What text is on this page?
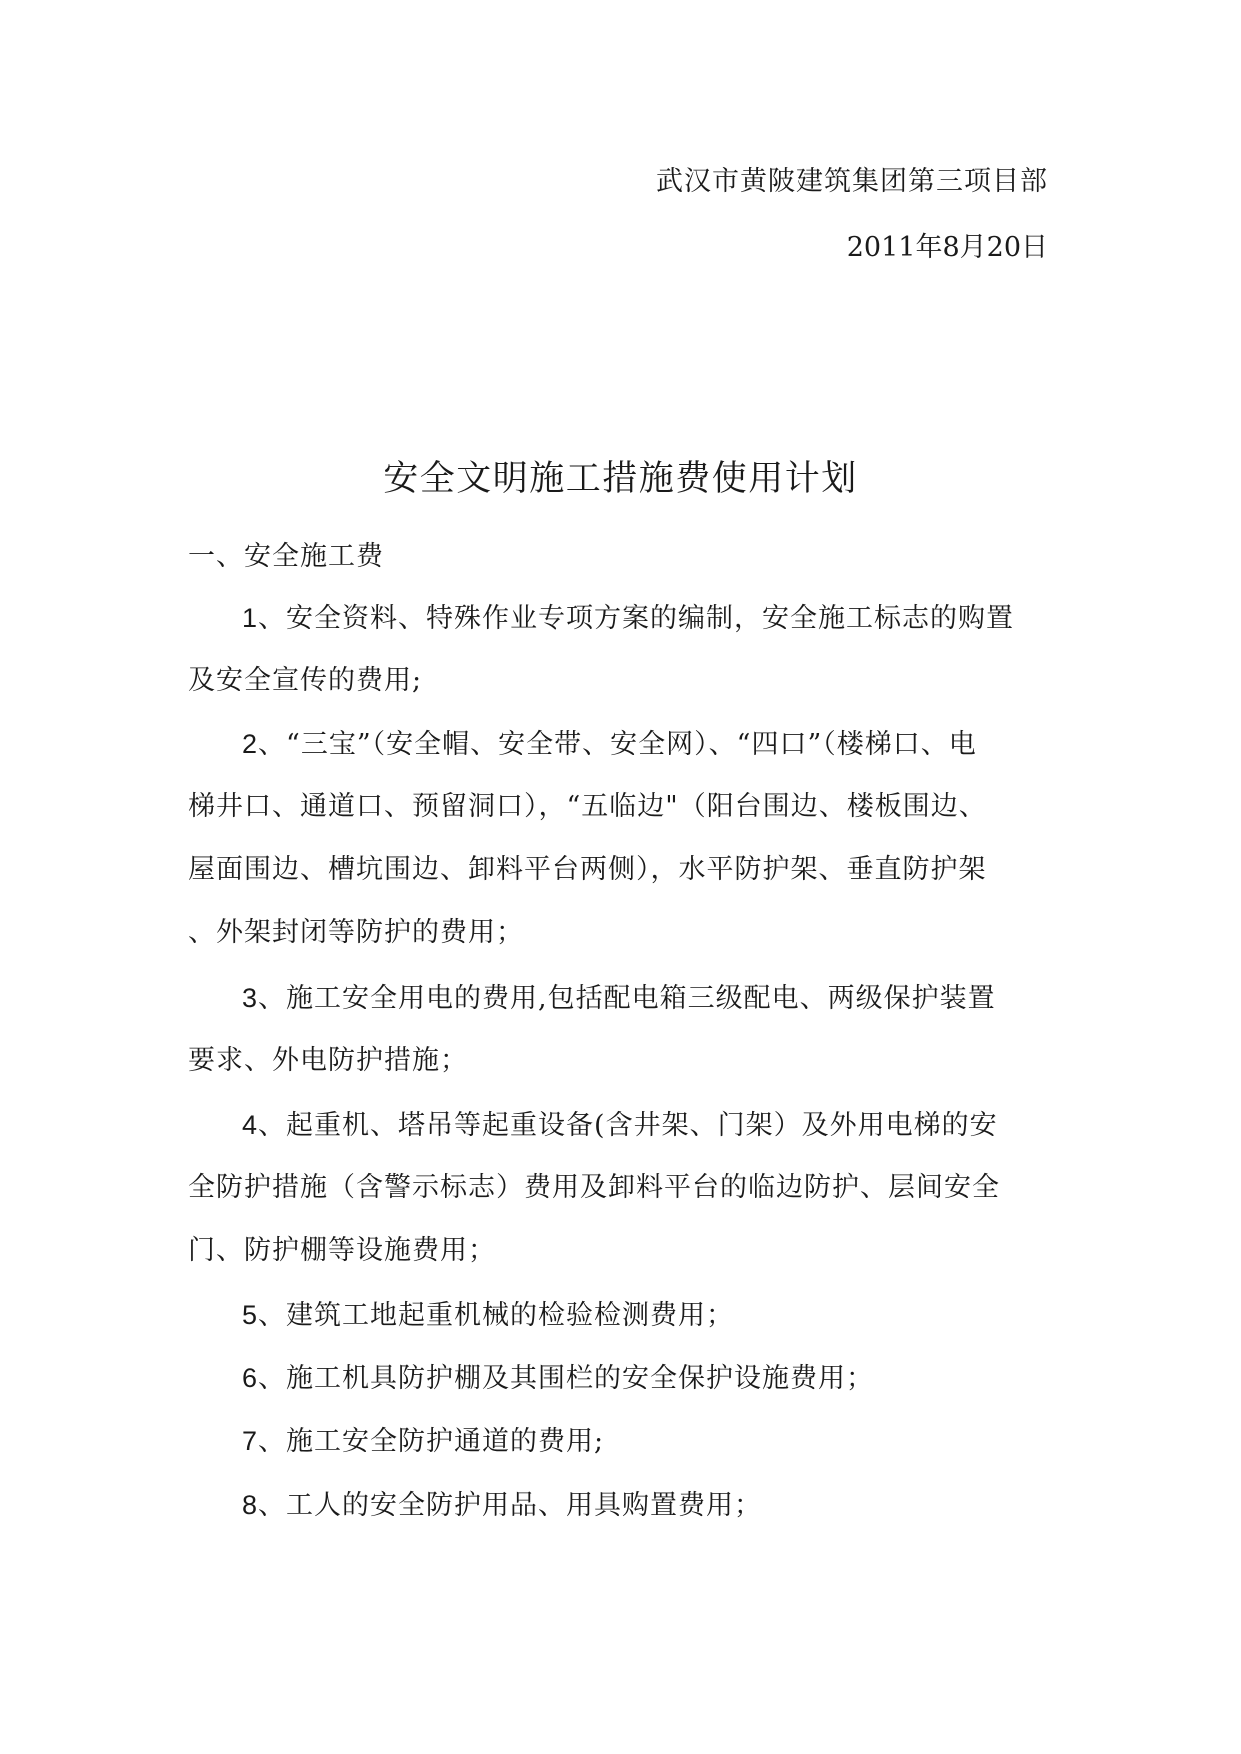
武汉市黄陂建筑集团第三项目部
2011年8月20日
安全文明施工措施费使用计划
一、安全施工费
1、安全资料、特殊作业专项方案的编制，安全施工标志的购置
及安全宣传的费用;
2、“三宝”（安全帽、安全带、安全网）、“四口”（楼梯口、电
梯井口、通道口、预留洞口），“五临边"（阳台围边、楼板围边、
屋面围边、槽坑围边、卸料平台两侧），水平防护架、垂直防护架
、外架封闭等防护的费用；
3、施工安全用电的费用,包括配电箱三级配电、两级保护装置
要求、外电防护措施；
4、起重机、塔吊等起重设备(含井架、门架）及外用电梯的安
全防护措施（含警示标志）费用及卸料平台的临边防护、层间安全
门、防护棚等设施费用；
5、建筑工地起重机械的检验检测费用；
6、施工机具防护棚及其围栏的安全保护设施费用；
7、施工安全防护通道的费用;
8、工人的安全防护用品、用具购置费用；
